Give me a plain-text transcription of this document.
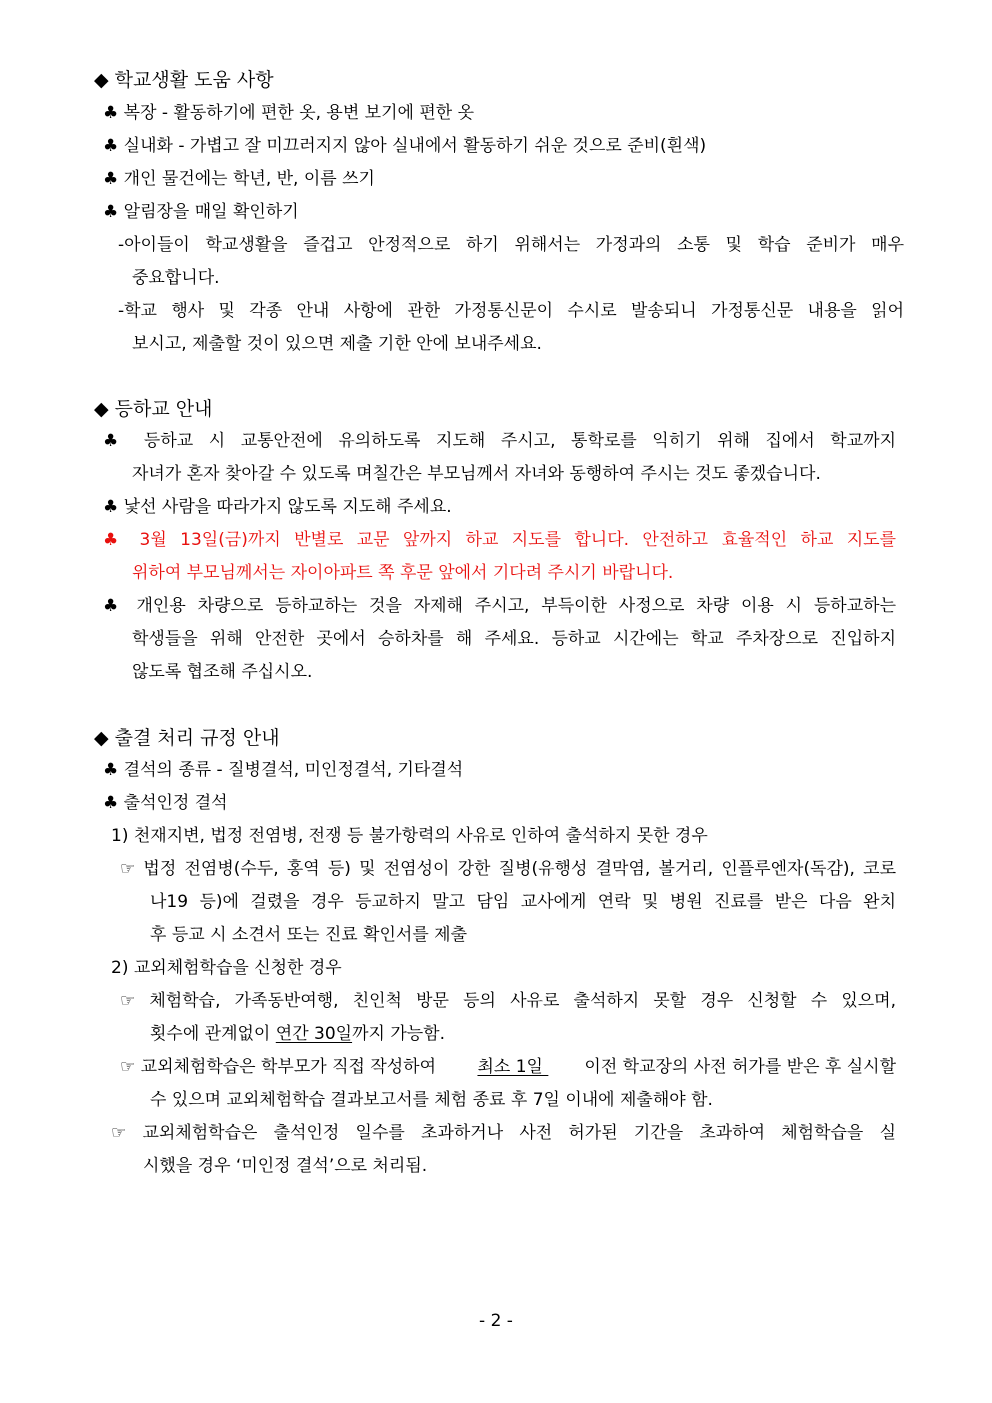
◆ 학교생활 도움 사항
♣ 복장 - 활동하기에 편한 옷, 용변 보기에 편한 옷
♣ 실내화 - 가볍고 잘 미끄러지지 않아 실내에서 활동하기 쉬운 것으로 준비(흰색)
♣ 개인 물건에는 학년, 반, 이름 쓰기
♣ 알림장을 매일 확인하기
-아이들이 학교생활을 즐겁고 안정적으로 하기 위해서는 가정과의 소통 및 학습 준비가 매우
중요합니다.
-학교 행사 및 각종 안내 사항에 관한 가정통신문이 수시로 발송되니 가정통신문 내용을 읽어
보시고, 제출할 것이 있으면 제출 기한 안에 보내주세요.
◆ 등하교 안내
♣ 등하교 시 교통안전에 유의하도록 지도해 주시고, 통학로를 익히기 위해 집에서 학교까지
자녀가 혼자 찾아갈 수 있도록 며칠간은 부모님께서 자녀와 동행하여 주시는 것도 좋겠습니다.
♣ 낯선 사람을 따라가지 않도록 지도해 주세요.
♣ 3월 13일(금)까지 반별로 교문 앞까지 하교 지도를 합니다. 안전하고 효율적인 하교 지도를
위하여 부모님께서는 자이아파트 쪽 후문 앞에서 기다려 주시기 바랍니다.
♣ 개인용 차량으로 등하교하는 것을 자제해 주시고, 부득이한 사정으로 차량 이용 시 등하교하는
학생들을 위해 안전한 곳에서 승하차를 해 주세요. 등하교 시간에는 학교 주차장으로 진입하지
않도록 협조해 주십시오.
◆ 출결 처리 규정 안내
♣ 결석의 종류 - 질병결석, 미인정결석, 기타결석
♣ 출석인정 결석
1) 천재지변, 법정 전염병, 전쟁 등 불가항력의 사유로 인하여 출석하지 못한 경우
☞ 법정 전염병(수두, 홍역 등) 및 전염성이 강한 질병(유행성 결막염, 볼거리, 인플루엔자(독감), 코로
나19 등)에 걸렸을 경우 등교하지 말고 담임 교사에게 연락 및 병원 진료를 받은 다음 완치
후 등교 시 소견서 또는 진료 확인서를 제출
2) 교외체험학습을 신청한 경우
☞ 체험학습, 가족동반여행, 친인척 방문 등의 사유로 출석하지 못할 경우 신청할 수 있으며,
횟수에 관계없이 연간 30일까지 가능함.
☞ 교외체험학습은 학부모가 직접 작성하여 최소 1일 이전 학교장의 사전 허가를 받은 후 실시할
수 있으며 교외체험학습 결과보고서를 체험 종료 후 7일 이내에 제출해야 함.
☞ 교외체험학습은 출석인정 일수를 초과하거나 사전 허가된 기간을 초과하여 체험학습을 실
시했을 경우 ‘미인정 결석’으로 처리됨.
- 2 -
